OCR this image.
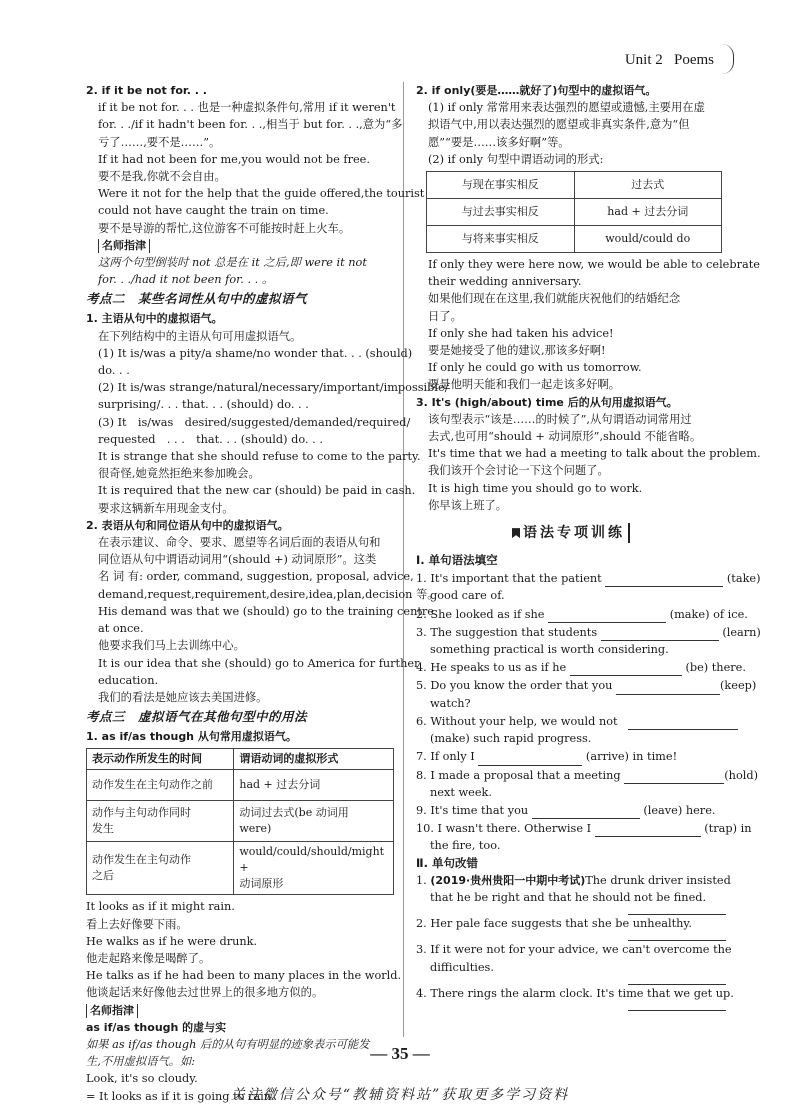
Unit 2 Poems

2. if it be not for. . .

if it be not for. . . 也是一种虚拟条件句,常用 if it weren't

for. . ./if it hadn't been for. . .,相当于 but for. . .,意为“多

亏了……,要不是……”。

If it had not been for me,you would not be free.

要不是我,你就不会自由。

Were it not for the help that the guide offered,the tourist

could not have caught the train on time.

要不是导游的帮忙,这位游客不可能按时赶上火车。

名师指津

这两个句型倒装时 not 总是在 it 之后,即 were it not

for. . ./had it not been for. . . 。

考点二　某些名词性从句中的虚拟语气

1. 主语从句中的虚拟语气。

在下列结构中的主语从句可用虚拟语气。

(1) It is/was a pity/a shame/no wonder that. . . (should)

do. . .

(2) It is/was strange/natural/necessary/important/impossible/

surprising/. . . that. . . (should) do. . .

(3) It　is/was　desired/suggested/demanded/required/

requested　. . .　that. . . (should) do. . .

It is strange that she should refuse to come to the party.

很奇怪,她竟然拒绝来参加晚会。

It is required that the new car (should) be paid in cash.

要求这辆新车用现金支付。

2. 表语从句和同位语从句中的虚拟语气。

在表示建议、命令、要求、愿望等名词后面的表语从句和

同位语从句中谓语动词用“(should +) 动词原形”。这类

名 词 有: order, command, suggestion, proposal, advice,

demand,request,requirement,desire,idea,plan,decision 等。

His demand was that we (should) go to the training centre

at once.

他要求我们马上去训练中心。

It is our idea that she (should) go to America for further

education.

我们的看法是她应该去美国进修。

考点三　虚拟语气在其他句型中的用法

1. as if/as though 从句常用虚拟语气。

表示动作所发生的时间	谓语动词的虚拟形式
动作发生在主句动作之前	had + 过去分词
动作与主句动作同时
发生	动词过去式(be 动词用
were)
动作发生在主句动作
之后	would/could/should/might +
动词原形

It looks as if it might rain.

看上去好像要下雨。

He walks as if he were drunk.

他走起路来像是喝醉了。

He talks as if he had been to many places in the world.

他谈起话来好像他去过世界上的很多地方似的。

名师指津

as if/as though 的虚与实

如果 as if/as though 后的从句有明显的迹象表示可能发

生,不用虚拟语气。如:

Look, it's so cloudy.

= It looks as if it is going to rain.

2. if only(要是……就好了)句型中的虚拟语气。

(1) if only 常常用来表达强烈的愿望或遗憾,主要用在虚

拟语气中,用以表达强烈的愿望或非真实条件,意为“但

愿”“要是……该多好啊”等。

(2) if only 句型中谓语动词的形式:

与现在事实相反	过去式
与过去事实相反	had + 过去分词
与将来事实相反	would/could do

If only they were here now, we would be able to celebrate

their wedding anniversary.

如果他们现在在这里,我们就能庆祝他们的结婚纪念

日了。

If only she had taken his advice!

要是她接受了他的建议,那该多好啊!

If only he could go with us tomorrow.

要是他明天能和我们一起走该多好啊。

3. It's (high/about) time 后的从句用虚拟语气。

该句型表示“该是……的时候了”,从句谓语动词常用过

去式,也可用“should + 动词原形”,should 不能省略。

It's time that we had a meeting to talk about the problem.

我们该开个会讨论一下这个问题了。

It is high time you should go to work.

你早该上班了。

语法专项训练

Ⅰ. 单句语法填空

1. It's important that the patient	(take)

good care of.

2. She looked as if she	(make) of ice.

3. The suggestion that students	(learn)

something practical is worth considering.

4. He speaks to us as if he	(be) there.

5. Do you know the order that you	(keep)

watch?

6. Without your help, we would not

(make) such rapid progress.

7. If only I	(arrive) in time!

8. I made a proposal that a meeting	(hold)

next week.

9. It's time that you	(leave) here.

10. I wasn't there. Otherwise I	(trap) in

the fire, too.

Ⅱ. 单句改错

1. (2019·贵州贵阳一中期中考试)The drunk driver insisted

that he be right and that he should not be fined.

2. Her pale face suggests that she be unhealthy.

3. If it were not for your advice, we can't overcome the

difficulties.

4. There rings the alarm clock. It's time that we get up.

— 35 —
关注微信公众号“教辅资料站”获取更多学习资料
